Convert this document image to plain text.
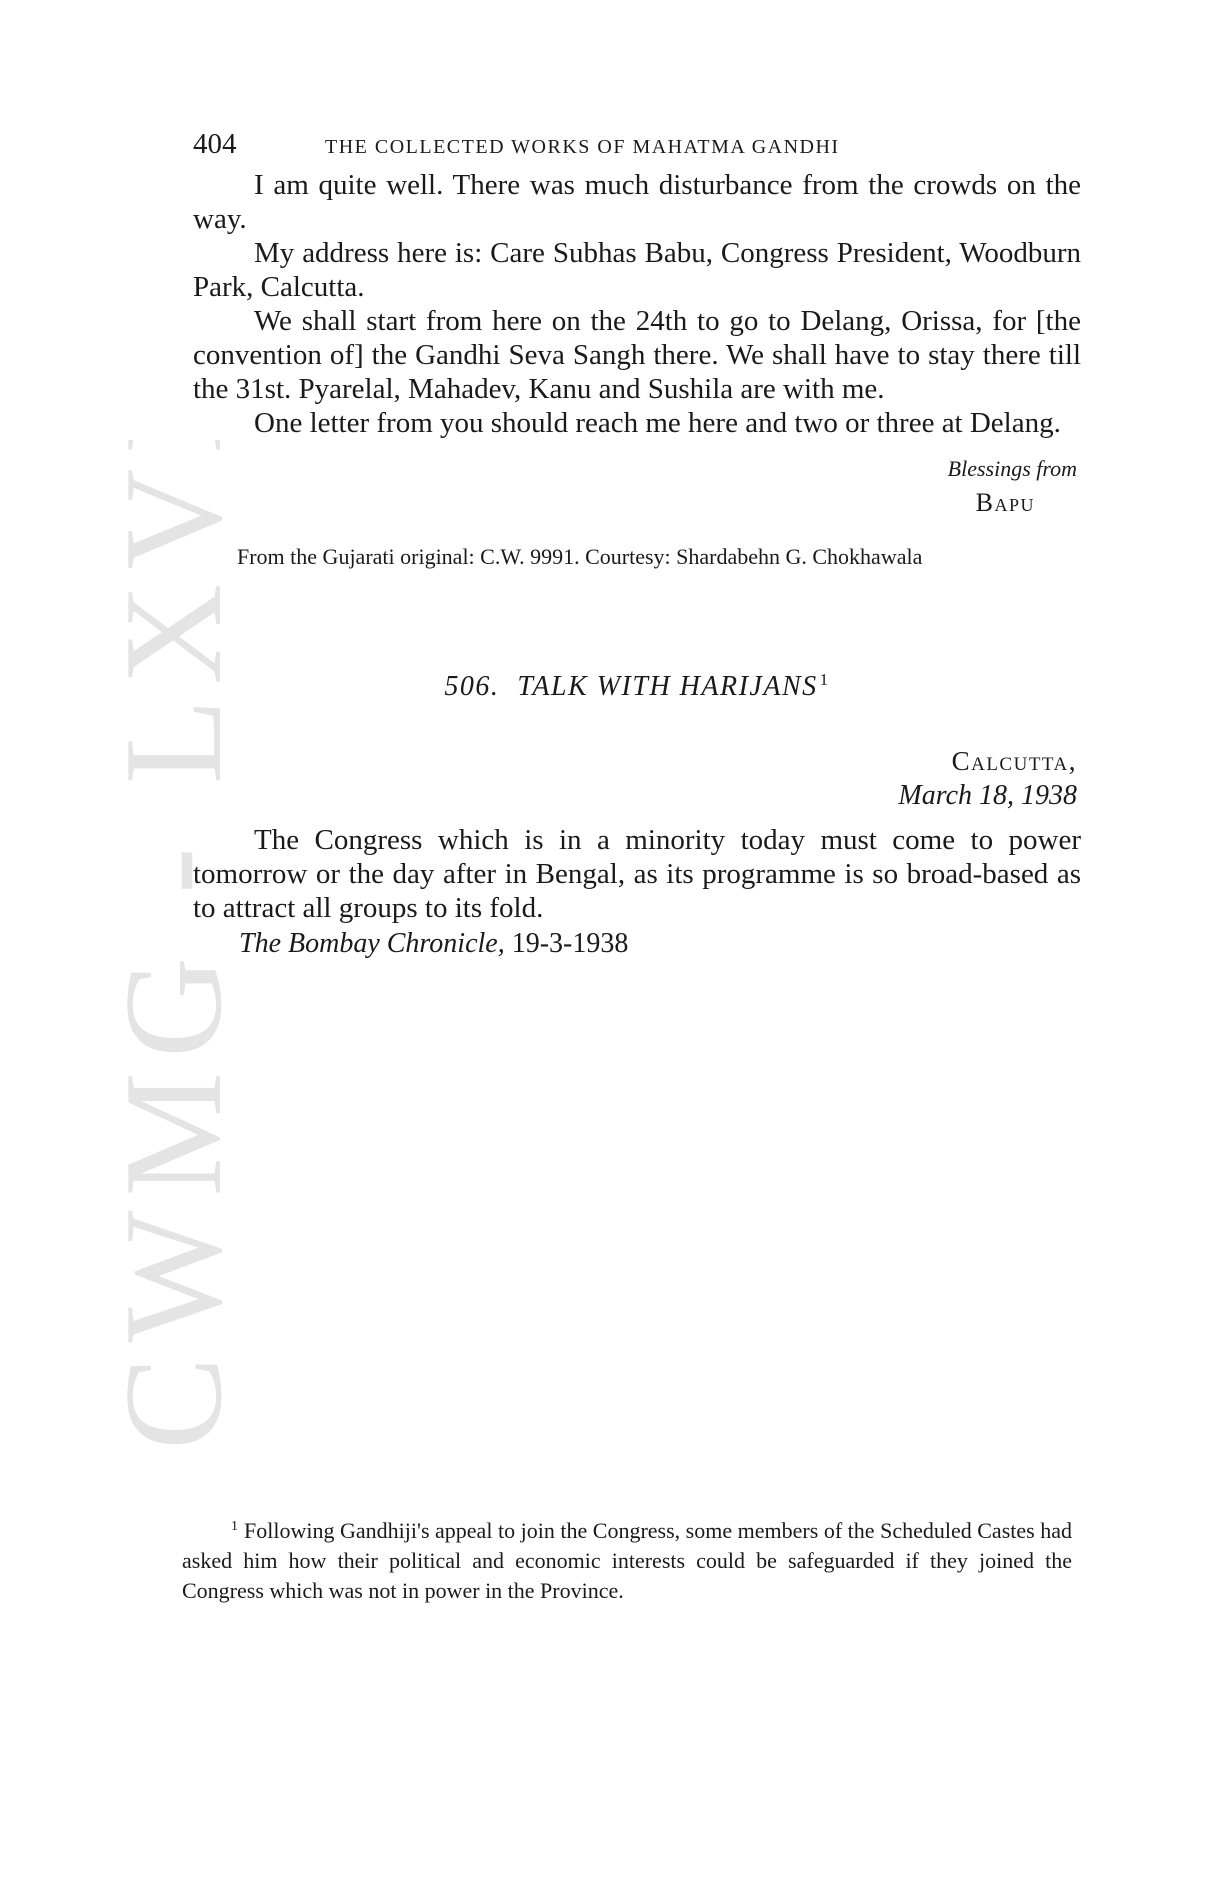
CWMG - LXVI
404	THE COLLECTED WORKS OF MAHATMA GANDHI

I am quite well. There was much disturbance from the crowds on the way.

My address here is: Care Subhas Babu, Congress President, Woodburn Park, Calcutta.

We shall start from here on the 24th to go to Delang, Orissa, for [the convention of] the Gandhi Seva Sangh there. We shall have to stay there till the 31st. Pyarelal, Mahadev, Kanu and Sushila are with me.

One letter from you should reach me here and two or three at Delang.

Blessings from
Bapu

From the Gujarati original: C.W. 9991. Courtesy: Shardabehn G. Chokhawala

506. TALK WITH HARIJANS $^1$
Calcutta,
March 18, 1938

The Congress which is in a minority today must come to power tomorrow or the day after in Bengal, as its programme is so broad-based as to attract all groups to its fold.

The Bombay Chronicle, 19-3-1938

$^1$ Following Gandhiji's appeal to join the Congress, some members of the Scheduled Castes had asked him how their political and economic interests could be safeguarded if they joined the Congress which was not in power in the Province.
